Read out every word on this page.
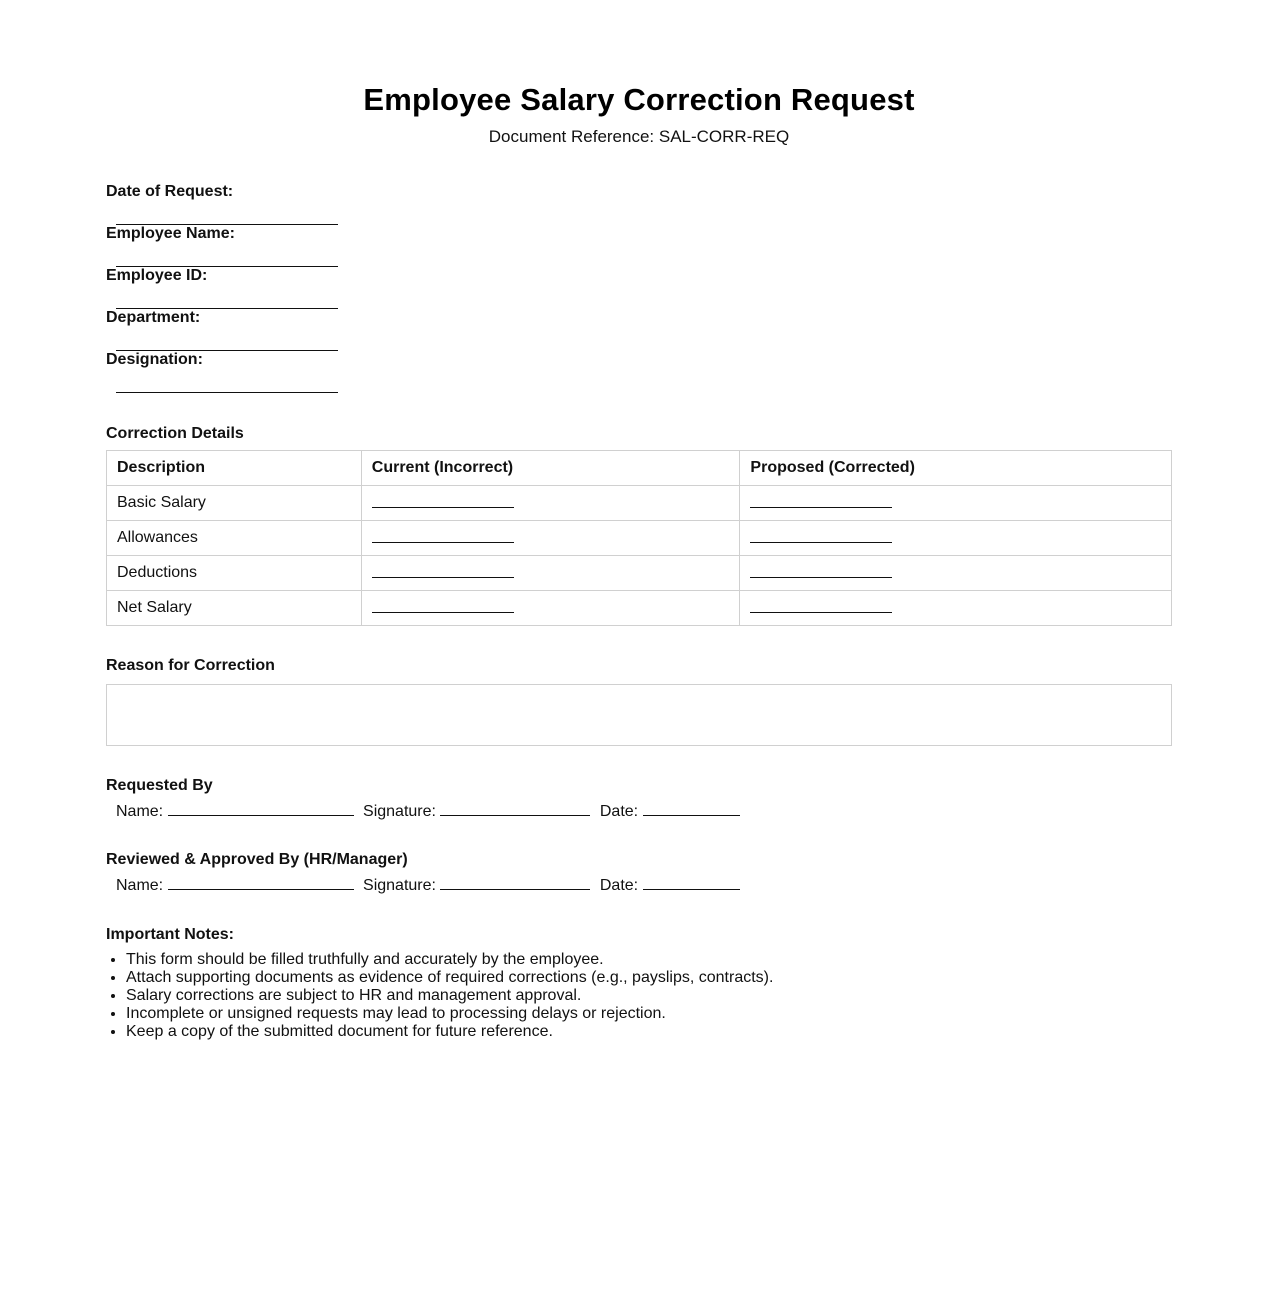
Employee Salary Correction Request
Document Reference: SAL-CORR-REQ
Date of Request:
Employee Name:
Employee ID:
Department:
Designation:
Correction Details
Description	Current (Incorrect)	Proposed (Corrected)
Basic Salary		
Allowances		
Deductions		
Net Salary		
Reason for Correction
Requested By
Name:	Signature:	Date:
Reviewed & Approved By (HR/Manager)
Name:	Signature:	Date:
Important Notes:
• This form should be filled truthfully and accurately by the employee.
• Attach supporting documents as evidence of required corrections (e.g., payslips, contracts).
• Salary corrections are subject to HR and management approval.
• Incomplete or unsigned requests may lead to processing delays or rejection.
• Keep a copy of the submitted document for future reference.
